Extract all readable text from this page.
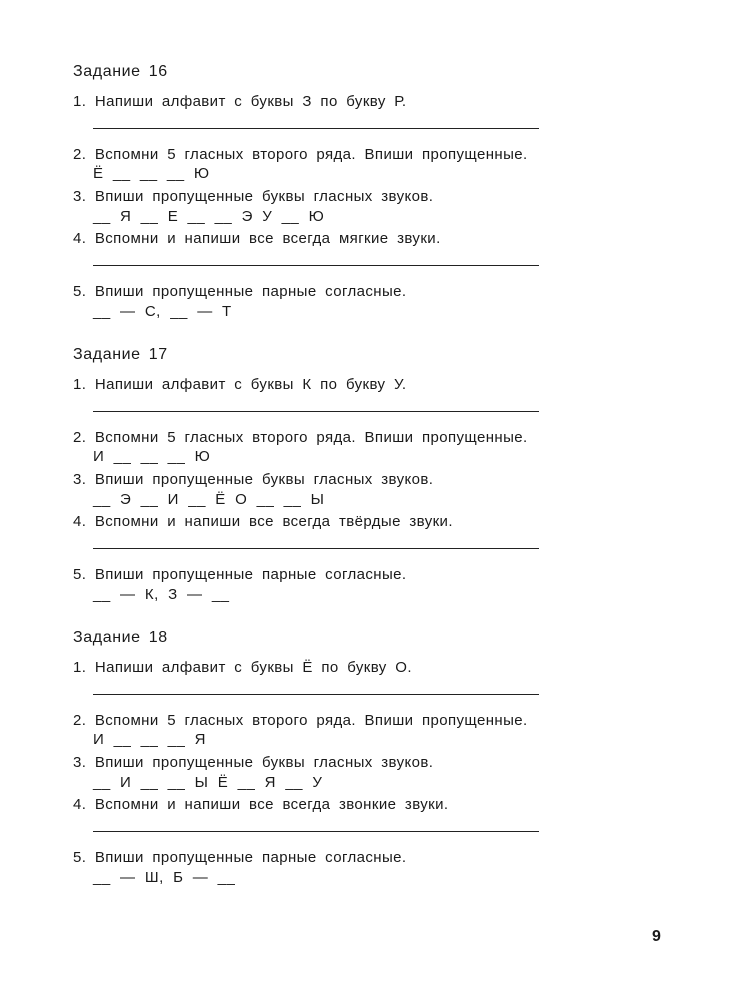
Задание 16
1. Напиши алфавит с буквы З по букву Р.
2. Вспомни 5 гласных второго ряда. Впиши пропущенные.
Ё  __  __  __  Ю
3. Впиши пропущенные буквы гласных звуков.
__  Я  __  Е  __  __  Э  У  __  Ю
4. Вспомни и напиши все всегда мягкие звуки.
5. Впиши пропущенные парные согласные.
__  —  С,  __  —  Т
Задание 17
1. Напиши алфавит с буквы К по букву У.
2. Вспомни 5 гласных второго ряда. Впиши пропущенные.
И  __  __  __  Ю
3. Впиши пропущенные буквы гласных звуков.
__  Э  __  И  __  Ё  О  __  __  Ы
4. Вспомни и напиши все всегда твёрдые звуки.
5. Впиши пропущенные парные согласные.
__  —  К,  З  —  __
Задание 18
1. Напиши алфавит с буквы Ё по букву О.
2. Вспомни 5 гласных второго ряда. Впиши пропущенные.
И  __  __  __  Я
3. Впиши пропущенные буквы гласных звуков.
__  И  __  __  Ы  Ё  __  Я  __  У
4. Вспомни и напиши все всегда звонкие звуки.
5. Впиши пропущенные парные согласные.
__  —  Ш,  Б  —  __
9
